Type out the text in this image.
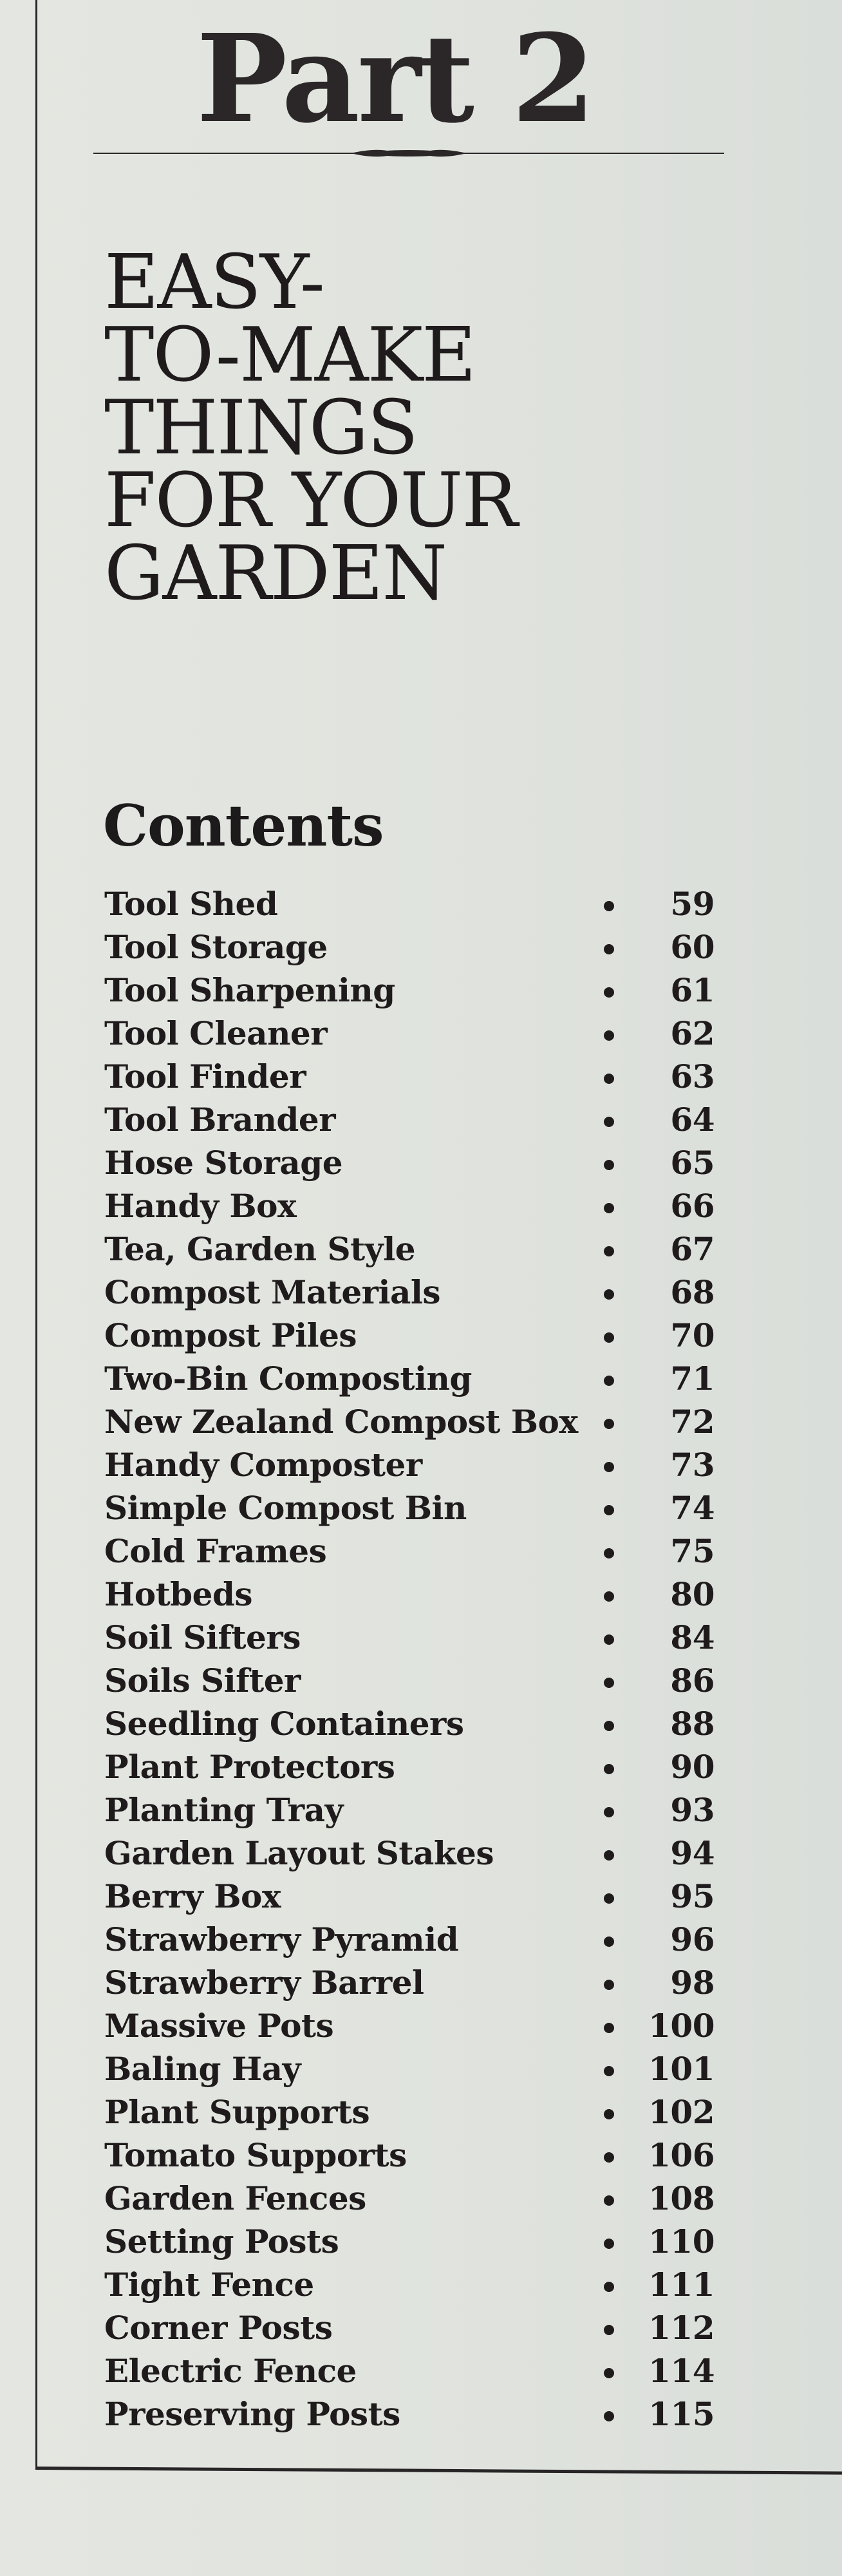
Part 2
EASY-
TO-MAKE
THINGS
FOR YOUR
GARDEN
Contents
Tool Shed	59
Tool Storage	60
Tool Sharpening	61
Tool Cleaner	62
Tool Finder	63
Tool Brander	64
Hose Storage	65
Handy Box	66
Tea, Garden Style	67
Compost Materials	68
Compost Piles	70
Two-Bin Composting	71
New Zealand Compost Box	72
Handy Composter	73
Simple Compost Bin	74
Cold Frames	75
Hotbeds	80
Soil Sifters	84
Soils Sifter	86
Seedling Containers	88
Plant Protectors	90
Planting Tray	93
Garden Layout Stakes	94
Berry Box	95
Strawberry Pyramid	96
Strawberry Barrel	98
Massive Pots	100
Baling Hay	101
Plant Supports	102
Tomato Supports	106
Garden Fences	108
Setting Posts	110
Tight Fence	111
Corner Posts	112
Electric Fence	114
Preserving Posts	115
